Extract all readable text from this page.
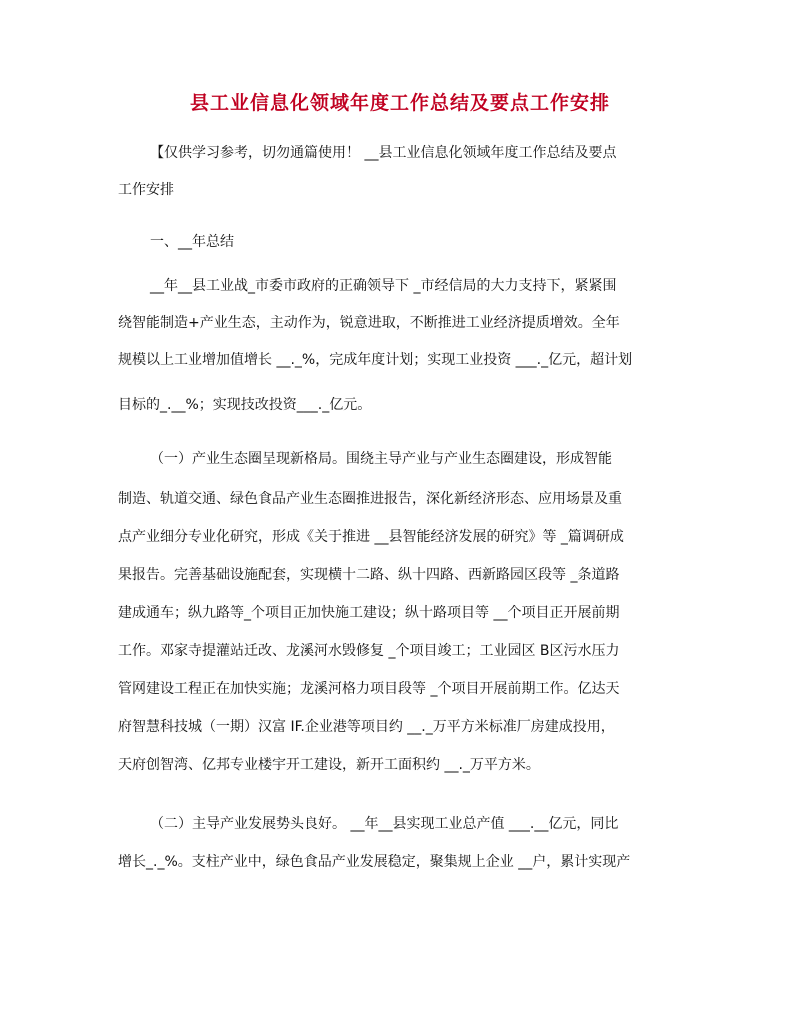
县工业信息化领域年度工作总结及要点工作安排
【仅供学习参考，切勿通篇使用！ __县工业信息化领域年度工作总结及要点
工作安排
一、__年总结
__年__县工业战_市委市政府的正确领导下 _市经信局的大力支持下，紧紧围
绕智能制造+产业生态，主动作为，锐意进取，不断推进工业经济提质增效。全年
规模以上工业增加值增长 __._%，完成年度计划；实现工业投资 ___._亿元，超计划
目标的_.__%；实现技改投资___._亿元。
（一）产业生态圈呈现新格局。围绕主导产业与产业生态圈建设，形成智能
制造、轨道交通、绿色食品产业生态圈推进报告，深化新经济形态、应用场景及重
点产业细分专业化研究，形成《关于推进 __县智能经济发展的研究》等 _篇调研成
果报告。完善基础设施配套，实现横十二路、纵十四路、西新路园区段等 _条道路
建成通车；纵九路等_个项目正加快施工建设；纵十路项目等 __个项目正开展前期
工作。邓家寺提灌站迁改、龙溪河水毁修复 _个项目竣工；工业园区 B区污水压力
管网建设工程正在加快实施；龙溪河格力项目段等 _个项目开展前期工作。亿达天
府智慧科技城（一期）汉富 IF.企业港等项目约 __._万平方米标准厂房建成投用，
天府创智湾、亿邦专业楼宇开工建设，新开工面积约 __._万平方米。
（二）主导产业发展势头良好。 __年__县实现工业总产值 ___.__亿元，同比
增长_._%。支柱产业中，绿色食品产业发展稳定，聚集规上企业 __户，累计实现产
